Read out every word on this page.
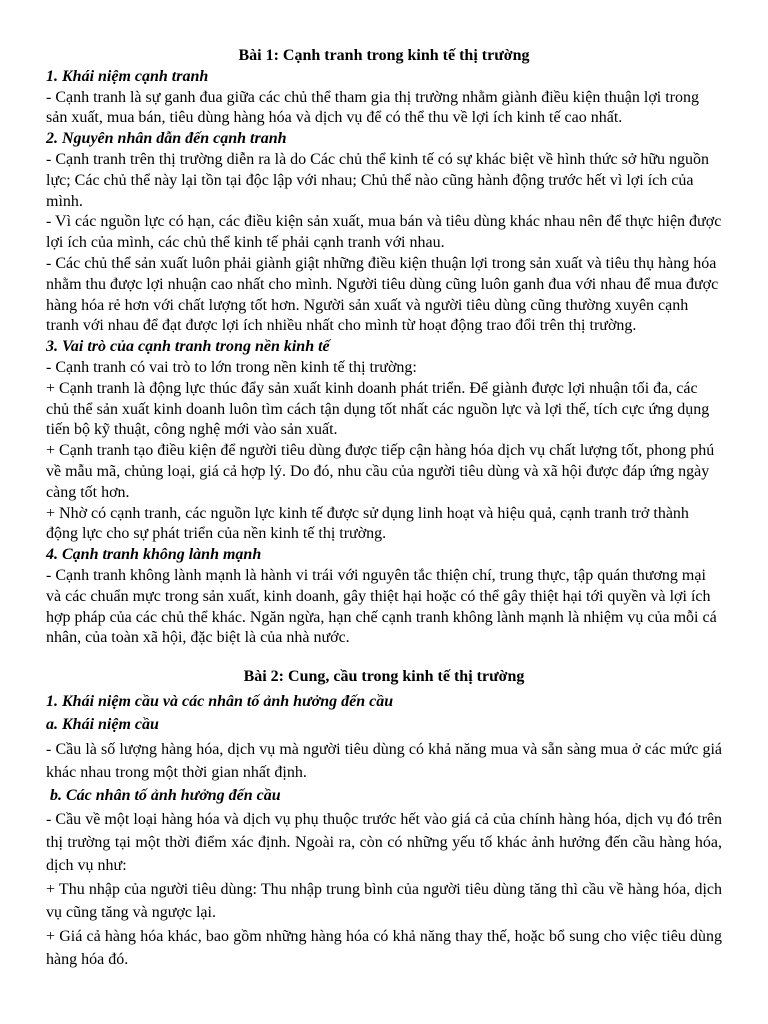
Bài 1: Cạnh tranh trong kinh tế thị trường
1. Khái niệm cạnh tranh
- Cạnh tranh là sự ganh đua giữa các chủ thể tham gia thị trường nhằm giành điều kiện thuận lợi trong sản xuất, mua bán, tiêu dùng hàng hóa và dịch vụ để có thể thu về lợi ích kinh tế cao nhất.
2. Nguyên nhân dẫn đến cạnh tranh
- Cạnh tranh trên thị trường diễn ra là do Các chủ thể kinh tế có sự khác biệt về hình thức sở hữu nguồn lực; Các chủ thể này lại tồn tại độc lập với nhau; Chủ thể nào cũng hành động trước hết vì lợi ích của mình.
- Vì các nguồn lực có hạn, các điều kiện sản xuất, mua bán và tiêu dùng khác nhau nên để thực hiện được lợi ích của mình, các chủ thể kinh tế phải cạnh tranh với nhau.
- Các chủ thể sản xuất luôn phải giành giật những điều kiện thuận lợi trong sản xuất và tiêu thụ hàng hóa nhằm thu được lợi nhuận cao nhất cho mình. Người tiêu dùng cũng luôn ganh đua với nhau để mua được hàng hóa rẻ hơn với chất lượng tốt hơn. Người sản xuất và người tiêu dùng cũng thường xuyên cạnh tranh với nhau để đạt được lợi ích nhiều nhất cho mình từ hoạt động trao đổi trên thị trường.
3. Vai trò của cạnh tranh trong nền kinh tế
- Cạnh tranh có vai trò to lớn trong nền kinh tế thị trường:
+ Cạnh tranh là động lực thúc đẩy sản xuất kinh doanh phát triển. Để giành được lợi nhuận tối đa, các chủ thể sản xuất kinh doanh luôn tìm cách tận dụng tốt nhất các nguồn lực và lợi thế, tích cực ứng dụng tiến bộ kỹ thuật, công nghệ mới vào sản xuất.
+ Cạnh tranh tạo điều kiện để người tiêu dùng được tiếp cận hàng hóa dịch vụ chất lượng tốt, phong phú về mẫu mã, chủng loại, giá cả hợp lý. Do đó, nhu cầu của người tiêu dùng và xã hội được đáp ứng ngày càng tốt hơn.
+ Nhờ có cạnh tranh, các nguồn lực kinh tế được sử dụng linh hoạt và hiệu quả, cạnh tranh trở thành động lực cho sự phát triển của nền kinh tế thị trường.
4. Cạnh tranh không lành mạnh
- Cạnh tranh không lành mạnh là hành vi trái với nguyên tắc thiện chí, trung thực, tập quán thương mại và các chuẩn mực trong sản xuất, kinh doanh, gây thiệt hại hoặc có thể gây thiệt hại tới quyền và lợi ích hợp pháp của các chủ thể khác. Ngăn ngừa, hạn chế cạnh tranh không lành mạnh là nhiệm vụ của mỗi cá nhân, của toàn xã hội, đặc biệt là của nhà nước.
Bài 2: Cung, cầu trong kinh tế thị trường
1. Khái niệm cầu và các nhân tố ảnh hưởng đến cầu
a. Khái niệm cầu
- Cầu là số lượng hàng hóa, dịch vụ mà người tiêu dùng có khả năng mua và sẵn sàng mua ở các mức giá khác nhau trong một thời gian nhất định.
b. Các nhân tố ảnh hưởng đến cầu
- Cầu về một loại hàng hóa và dịch vụ phụ thuộc trước hết vào giá cả của chính hàng hóa, dịch vụ đó trên thị trường tại một thời điểm xác định. Ngoài ra, còn có những yếu tố khác ảnh hưởng đến cầu hàng hóa, dịch vụ như:
+ Thu nhập của người tiêu dùng: Thu nhập trung bình của người tiêu dùng tăng thì cầu về hàng hóa, dịch vụ cũng tăng và ngược lại.
+ Giá cả hàng hóa khác, bao gồm những hàng hóa có khả năng thay thế, hoặc bổ sung cho việc tiêu dùng hàng hóa đó.
